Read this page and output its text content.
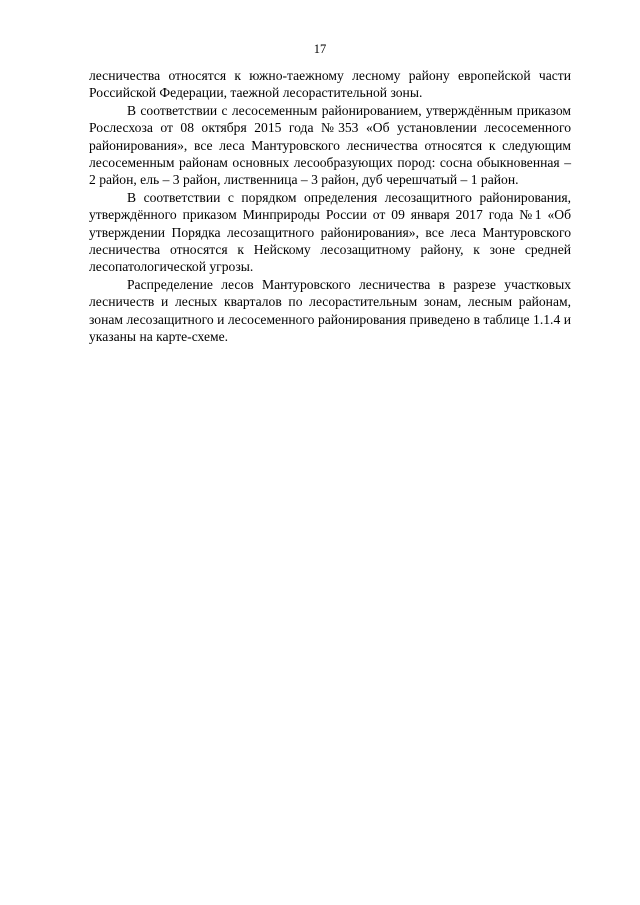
17

лесничества относятся к южно-таежному лесному району европейской части Российской Федерации, таежной лесорастительной зоны.

В соответствии с лесосеменным районированием, утверждённым приказом Рослесхоза от 08 октября 2015 года №353 «Об установлении лесосеменного районирования», все леса Мантуровского лесничества относятся к следующим лесосеменным районам основных лесообразующих пород: сосна обыкновенная – 2 район, ель – 3 район, лиственница – 3 район, дуб черешчатый – 1 район.

В соответствии с порядком определения лесозащитного районирования, утверждённого приказом Минприроды России от 09 января 2017 года №1 «Об утверждении Порядка лесозащитного районирования», все леса Мантуровского лесничества относятся к Нейскому лесозащитному району, к зоне средней лесопатологической угрозы.

Распределение лесов Мантуровского лесничества в разрезе участковых лесничеств и лесных кварталов по лесорастительным зонам, лесным районам, зонам лесозащитного и лесосеменного районирования приведено в таблице 1.1.4 и указаны на карте-схеме.
